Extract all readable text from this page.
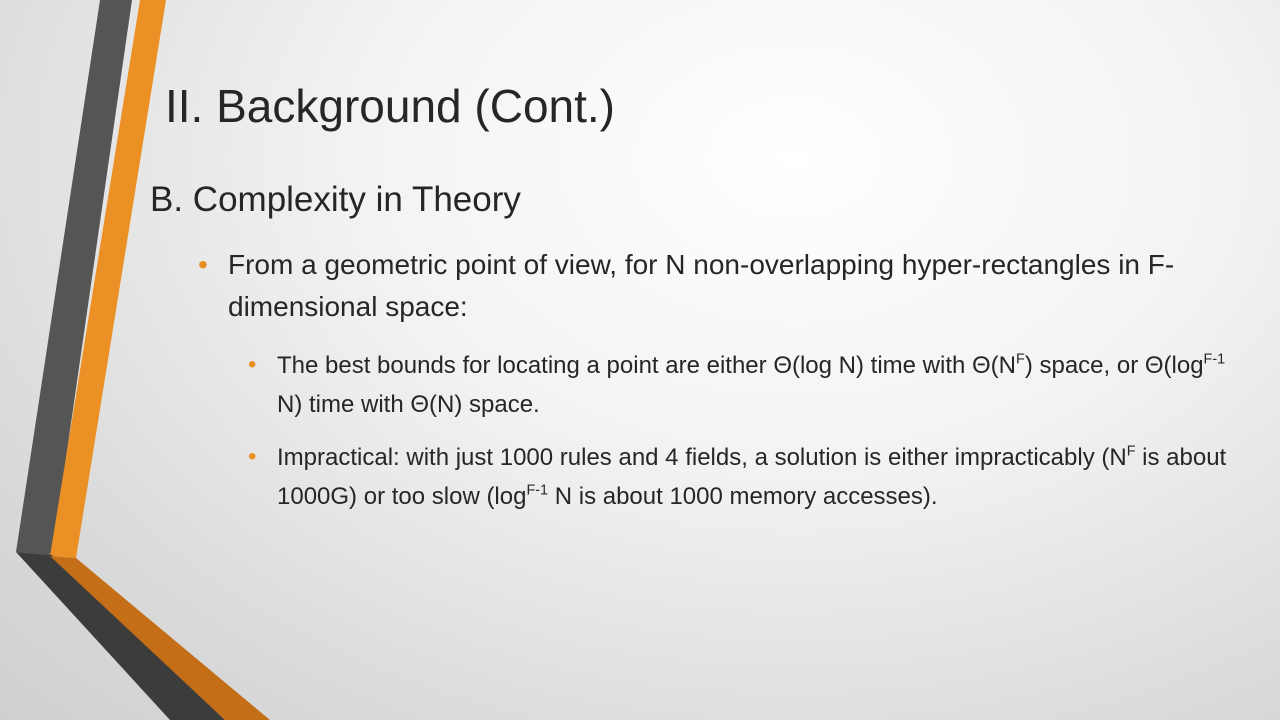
II. Background (Cont.)
B. Complexity in Theory
• From a geometric point of view, for N non-overlapping hyper-rectangles in F-dimensional space:
• The best bounds for locating a point are either Θ(log N) time with $\Theta(N^F)$ space, or $\Theta(\log^{F-1}$ N) time with Θ(N) space.
• Impractical: with just 1000 rules and 4 fields, a solution is either impracticably ($N^F$ is about 1000G) or too slow ($\log^{F-1}$ N is about 1000 memory accesses).
